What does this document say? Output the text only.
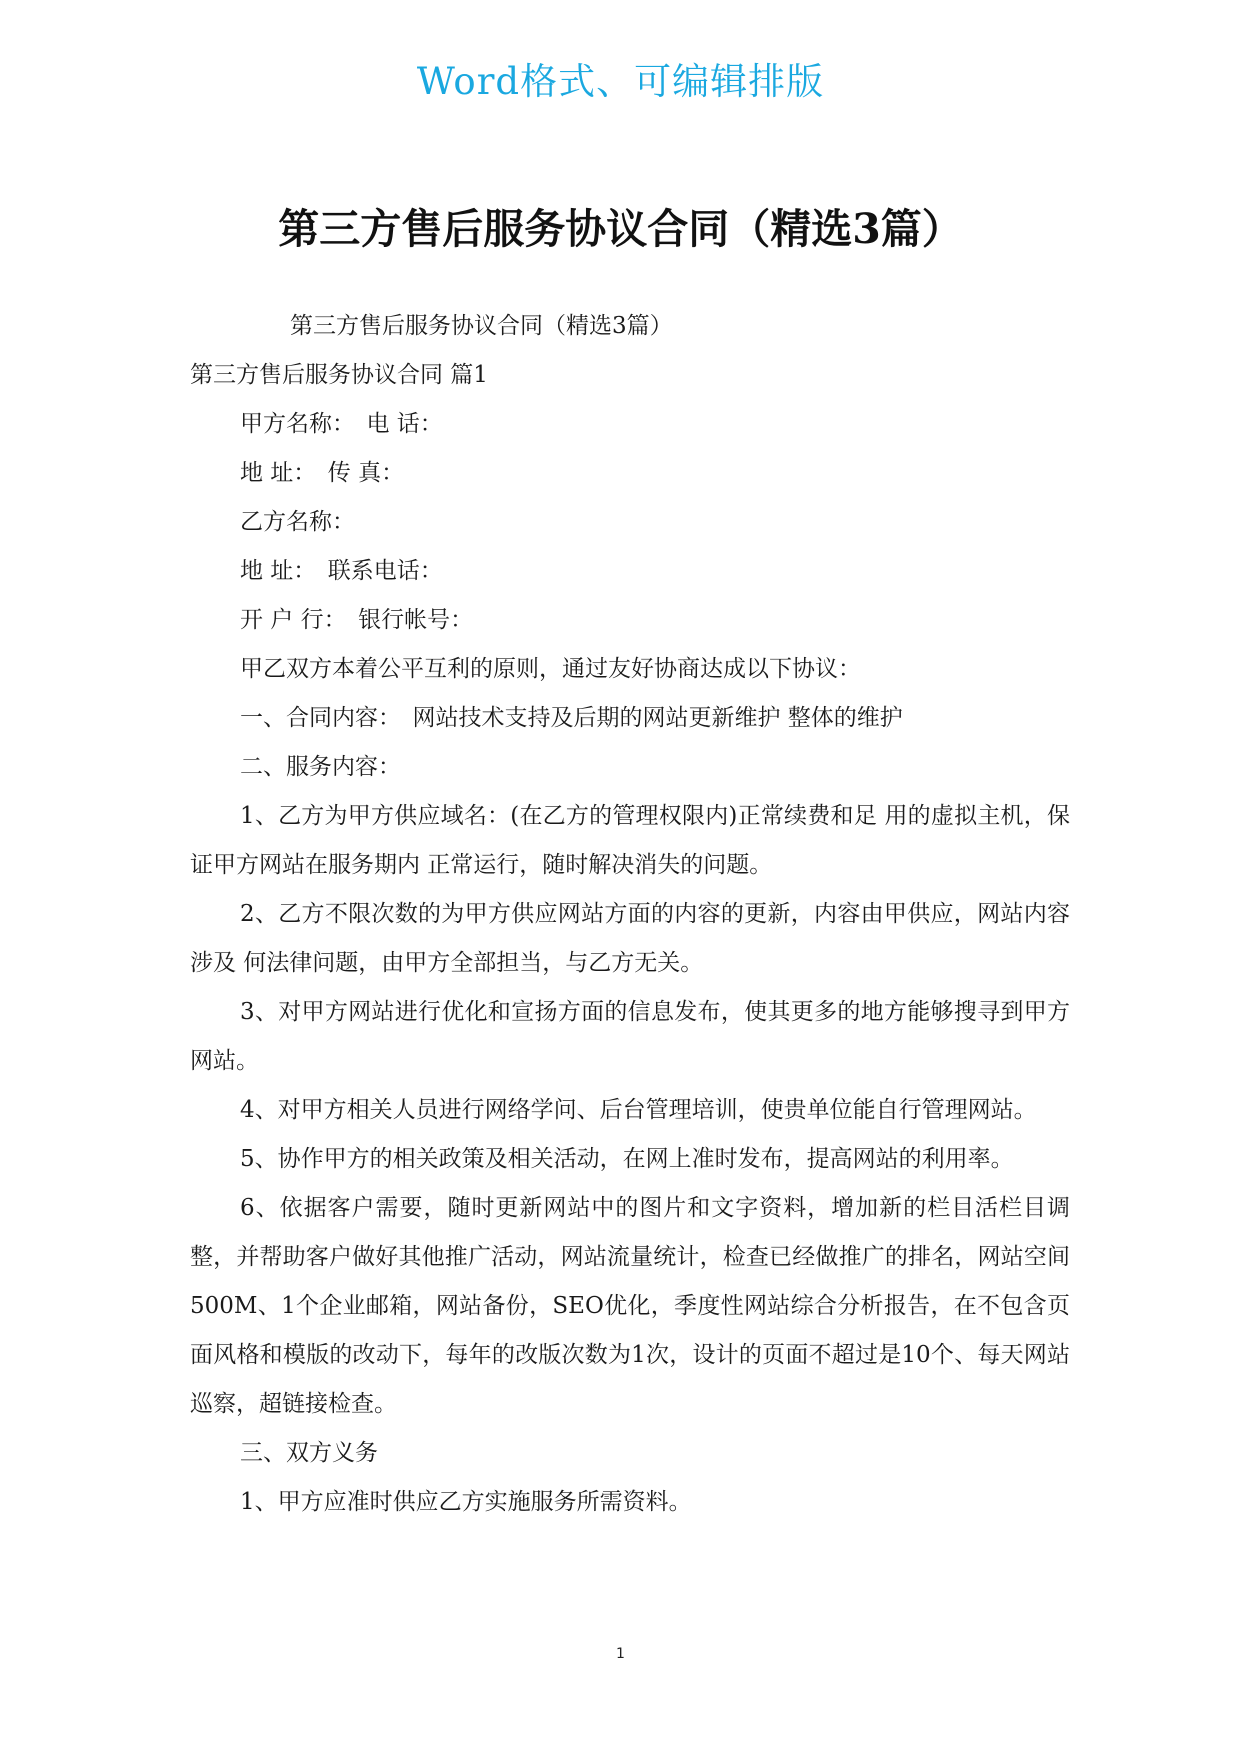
Word格式、可编辑排版
第三方售后服务协议合同（精选3篇）

第三方售后服务协议合同（精选3篇）

第三方售后服务协议合同 篇1

甲方名称：　电 话：

地 址：　传 真：

乙方名称：

地 址：　联系电话：

开 户 行：　银行帐号：

甲乙双方本着公平互利的原则，通过友好协商达成以下协议：

一、合同内容：　网站技术支持及后期的网站更新维护 整体的维护

二、服务内容：

1、乙方为甲方供应域名：(在乙方的管理权限内)正常续费和足 用的虚拟主机，保证甲方网站在服务期内 正常运行，随时解决消失的问题。

2、乙方不限次数的为甲方供应网站方面的内容的更新，内容由甲供应，网站内容涉及 何法律问题，由甲方全部担当，与乙方无关。

3、对甲方网站进行优化和宣扬方面的信息发布，使其更多的地方能够搜寻到甲方网站。

4、对甲方相关人员进行网络学问、后台管理培训，使贵单位能自行管理网站。

5、协作甲方的相关政策及相关活动，在网上准时发布，提高网站的利用率。

6、依据客户需要，随时更新网站中的图片和文字资料，增加新的栏目活栏目调整，并帮助客户做好其他推广活动，网站流量统计，检查已经做推广的排名，网站空间500M、1个企业邮箱，网站备份，SEO优化，季度性网站综合分析报告，在不包含页面风格和模版的改动下，每年的改版次数为1次，设计的页面不超过是10个、每天网站巡察，超链接检查。

三、双方义务

1、甲方应准时供应乙方实施服务所需资料。

1
